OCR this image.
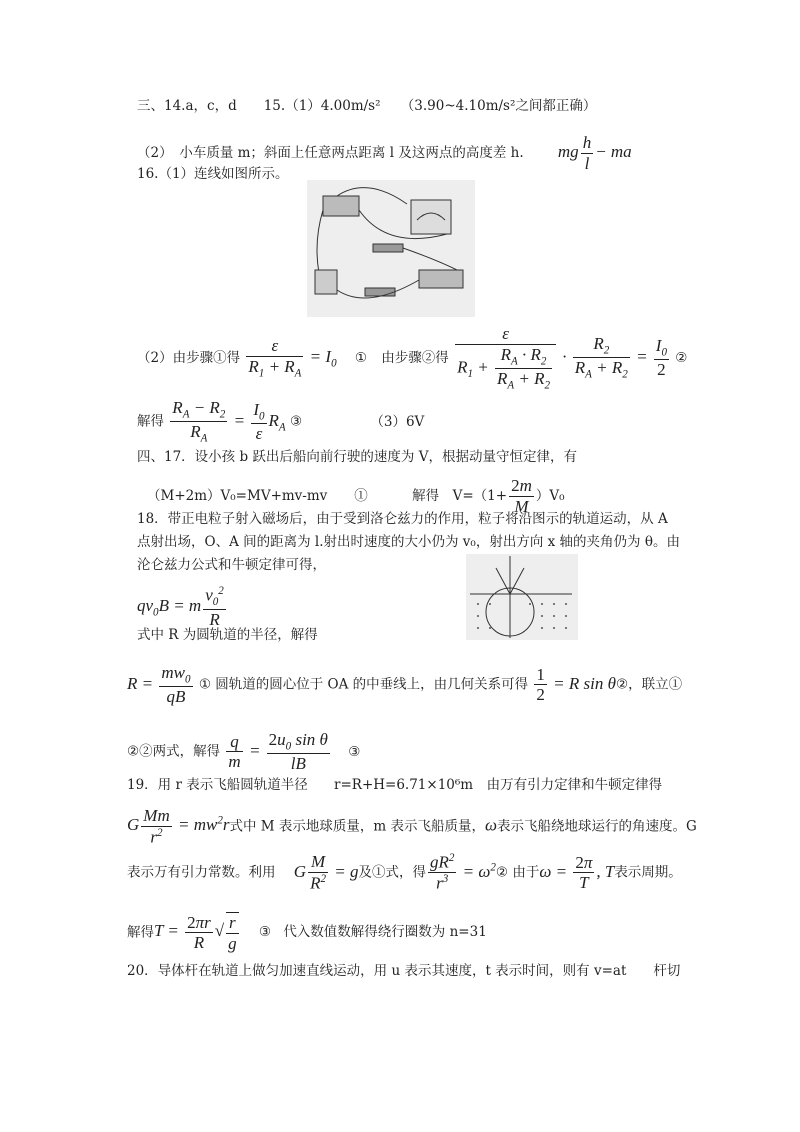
三、14.a，c，d　　15.（1）4.00m/s²　　（3.90~4.10m/s²之间都正确）
（2）　小车质量 m；斜面上任意两点距离 l 及这两点的高度差 h. mg $\frac{h}{l}$ − ma
16.（1）连线如图所示。
（2）由步骤①得 $\frac{\varepsilon}{R_1 + R_A} = I_0$ ① 由步骤②得 $\frac{\varepsilon}{R_1 + \frac{R_A \cdot R_2}{R_A + R_2}} \cdot \frac{R_2}{R_A + R_2} = \frac{I_0}{2}$ ②
解得 $\frac{R_A - R_2}{R_A} = \frac{I_0}{\varepsilon} R_A$ ③	（3）6V
四、17．设小孩 b 跃出后船向前行驶的速度为 V，根据动量守恒定律，有
（M+2m）V₀=MV+mv-mv　　①	解得　$V=(1+ \frac{2m}{M} )V_0$
18．带正电粒子射入磁场后，由于受到洛仑兹力的作用，粒子将沿图示的轨道运动，从 A
点射出场，O、A 间的距离为 l.射出时速度的大小仍为 v₀，射出方向 x 轴的夹角仍为 θ。由
沦仑兹力公式和牛顿定律可得，
$qv_0B = m \frac{v_0^2}{R}$
式中 R 为圆轨道的半径，解得
$R = \frac{mw_0}{qB}$ ① 圆轨道的圆心位于 OA 的中垂线上，由几何关系可得 $\frac{1}{2} = R$ sin θ②，联立①
②②两式，解得 $\frac{q}{m} = \frac{2u_0 \sin \theta}{lB}$ ③
19．用 r 表示飞船圆轨道半径 r=R+H=6.71×10⁶m　由万有引力定律和牛顿定律得
G $\frac{Mm}{r^2} = mw^2r$式中 M 表示地球质量，m 表示飞船质量，ω表示飞船绕地球运行的角速度。G
表示万有引力常数。利用 G $\frac{M}{R^2} = g$及①式，得 $\frac{gR^2}{r^3}$ = $\omega^2②$ 由于$\omega = \frac{2\pi}{T}$ , T表示周期。
解得$T = \frac{2\pi r}{R}$ √ $\frac{r}{g}$ ③ 代入数值数解得绕行圈数为 n=31
20．导体杆在轨道上做匀加速直线运动，用 u 表示其速度，t 表示时间，则有 v=at　　杆切
